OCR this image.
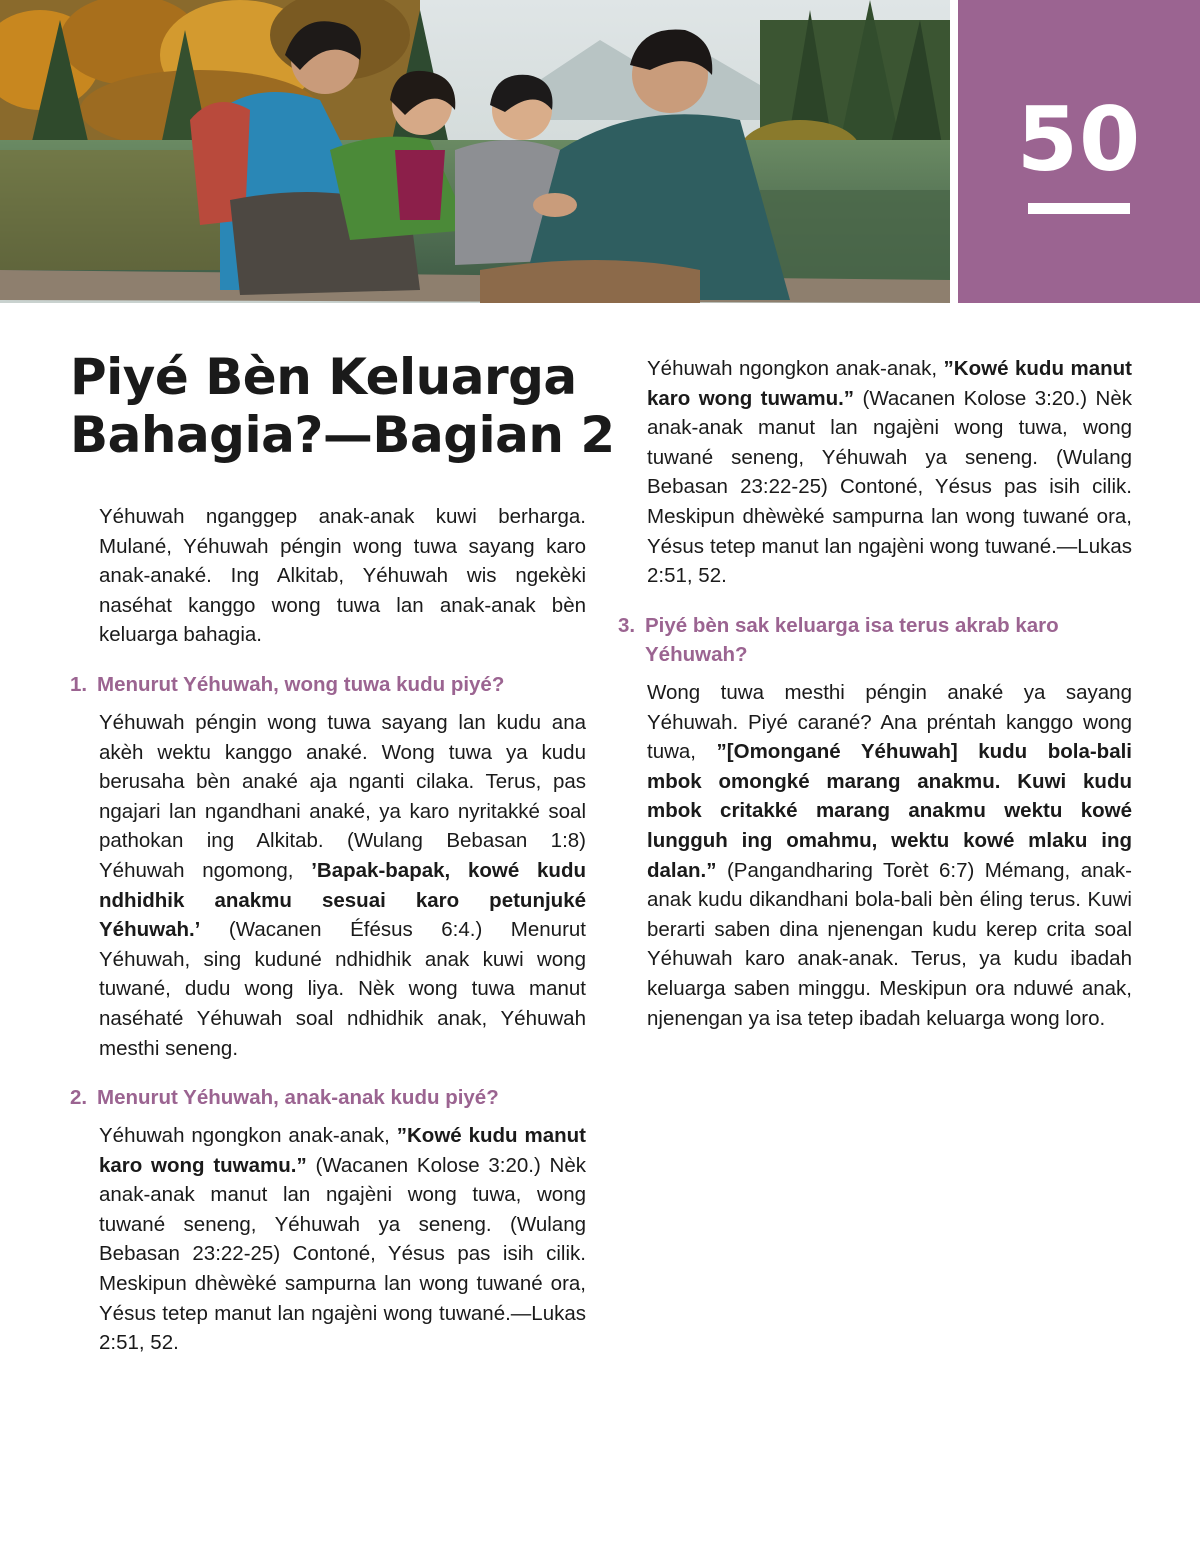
50
Piyé Bèn Keluarga
Bahagia?—Bagian 2

Yéhuwah nganggep anak-anak kuwi berharga. Mulané, Yéhuwah péngin wong tuwa sayang karo anak-anaké. Ing Alkitab, Yéhuwah wis ngekèki naséhat kanggo wong tuwa lan anak-anak bèn keluarga bahagia.

1. Menurut Yéhuwah, wong tuwa kudu piyé?

Yéhuwah péngin wong tuwa sayang lan kudu ana akèh wektu kanggo anaké. Wong tuwa ya kudu berusaha bèn anaké aja nganti cilaka. Terus, pas ngajari lan ngandhani anaké, ya karo nyritakké soal pathokan ing Alkitab. (Wulang Bebasan 1:8) Yéhuwah ngomong, ’Bapak-bapak, kowé kudu ndhidhik anakmu sesuai karo petunjuké Yéhuwah.’ (Wacanen Éfésus 6:4.) Menurut Yéhuwah, sing kuduné ndhidhik anak kuwi wong tuwané, dudu wong liya. Nèk wong tuwa manut naséhaté Yéhuwah soal ndhidhik anak, Yéhuwah mesthi seneng.

2. Menurut Yéhuwah, anak-anak kudu piyé?

Yéhuwah ngongkon anak-anak, ”Kowé kudu manut karo wong tuwamu.” (Wacanen Kolose 3:20.) Nèk anak-anak manut lan ngajèni wong tuwa, wong tuwané seneng, Yéhuwah ya seneng. (Wulang Bebasan 23:22-25) Contoné, Yésus pas isih cilik. Meskipun dhèwèké sampurna lan wong tuwané ora, Yésus tetep manut lan ngajèni wong tuwané.—Lukas 2:51, 52.

Yéhuwah ngongkon anak-anak, ”Kowé kudu manut karo wong tuwamu.” (Wacanen Kolose 3:20.) Nèk anak-anak manut lan ngajèni wong tuwa, wong tuwané seneng, Yéhuwah ya seneng. (Wulang Bebasan 23:22-25) Contoné, Yésus pas isih cilik. Meskipun dhèwèké sampurna lan wong tuwané ora, Yésus tetep manut lan ngajèni wong tuwané.—Lukas 2:51, 52.

3. Piyé bèn sak keluarga isa terus akrab karo Yéhuwah?

Wong tuwa mesthi péngin anaké ya sayang Yéhuwah. Piyé carané? Ana préntah kanggo wong tuwa, ”[Omongané Yéhuwah] kudu bola-bali mbok omongké marang anakmu. Kuwi kudu mbok critakké marang anakmu wektu kowé lungguh ing omahmu, wektu kowé mlaku ing dalan.” (Pangandharing Torèt 6:7) Mémang, anak-anak kudu dikandhani bola-bali bèn éling terus. Kuwi berarti saben dina njenengan kudu kerep crita soal Yéhuwah karo anak-anak. Terus, ya kudu ibadah keluarga saben minggu. Meskipun ora nduwé anak, njenengan ya isa tetep ibadah keluarga wong loro.
